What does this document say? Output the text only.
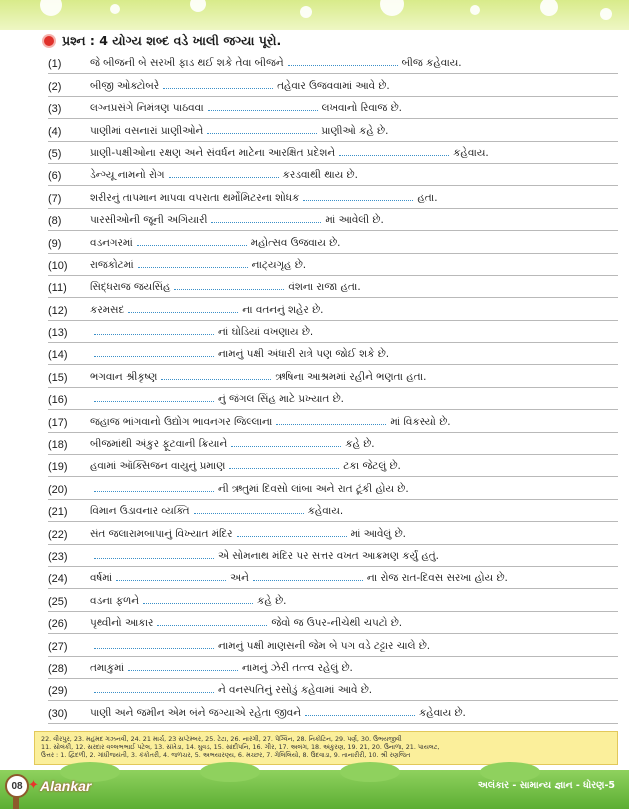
પ્રશ્ન : 4 યોગ્ય શબ્દ વડે ખાલી જગ્યા પૂરો.
(1)	જે બીજની બે સરખી ફાડ થઈ શકે તેવા બીજને	બીજ કહેવાય.
(2)	બીજી ઓક્ટોબરે	તહેવાર ઉજવવામાં આવે છે.
(3)	લગ્નપ્રસંગે નિમંત્રણ પાઠવવા	લખવાનો રિવાજ છે.
(4)	પાણીમાં વસનારાં પ્રાણીઓને	પ્રાણીઓ કહે છે.
(5)	પ્રાણી-પક્ષીઓના રક્ષણ અને સંવર્ધન માટેના આરક્ષિત પ્રદેશને	કહેવાય.
(6)	ડેન્ગ્યૂ નામનો રોગ	કરડવાથી થાય છે.
(7)	શરીરનું તાપમાન માપવા વપરાતા થર્મોમિટરના શોધક	હતા.
(8)	પારસીઓની જૂની અગિયારી	માં આવેલી છે.
(9)	વડનગરમાં	મહોત્સવ ઉજવાય છે.
(10)	રાજકોટમાં	નાટ્યગૃહ છે.
(11)	સિદ્ધરાજ જયસિંહ	વંશના રાજા હતા.
(12)	કરમસદ	ના વતનનું શહેર છે.
(13)	નાં ઘોડિયાં વખણાય છે.
(14)	નામનું પક્ષી અંધારી રાત્રે પણ જોઈ શકે છે.
(15)	ભગવાન શ્રીકૃષ્ણ	ઋષિના આશ્રમમાં રહીને ભણતા હતા.
(16)	નું જંગલ સિંહ માટે પ્રખ્યાત છે.
(17)	જહાજ ભાંગવાનો ઉદ્યોગ ભાવનગર જિલ્લાના	માં વિકસ્યો છે.
(18)	બીજમાંથી અંકુર ફૂટવાની ક્રિયાને	કહે છે.
(19)	હવામાં ઑક્સિજન વાયુનું પ્રમાણ	ટકા જેટલું છે.
(20)	ની ઋતુમાં દિવસો લાંબા અને રાત ટૂંકી હોય છે.
(21)	વિમાન ઉડાવનાર વ્યક્તિ	કહેવાય.
(22)	સંત જલારામબાપાનું વિખ્યાત મંદિર	માં આવેલું છે.
(23)	એ સોમનાથ મંદિર પર સત્તર વખત આક્રમણ કર્યું હતું.
(24)	વર્ષમાં	અને	ના રોજ રાત-દિવસ સરખા હોય છે.
(25)	વડના ફળને	કહે છે.
(26)	પૃથ્વીનો આકાર	જેવો જ ઉપર-નીચેથી ચપટો છે.
(27)	નામનું પક્ષી માણસની જેમ બે પગ વડે ટટ્ટાર ચાલે છે.
(28)	તમાકુમાં	નામનું ઝેરી તત્ત્વ રહેલું છે.
(29)	ને વનસ્પતિનું રસોડું કહેવામાં આવે છે.
(30)	પાણી અને જમીન એમ બંને જગ્યાએ રહેતા જીવને	કહેવાય છે.
22. વીરપુર, 23. મહંમદ ગઝનવી, 24. 21 માર્ચ, 23 સપ્ટેમ્બર, 25. ટેટા, 26. નારંગી, 27. પેંગ્વિન, 28. નિકોટિન, 29. પર્ણ, 30. ઉભયજીવી
11. સોલંકી, 12. સરદાર વલ્લભભાઈ પટેલ, 13. સંખેડા, 14. ઘુવડ, 15. સાંદીપનિ, 16. ગીર, 17. અલંગ, 18. અંકુરણ, 19. 21, 20. ઉનાળા, 21. પાયલટ,
ઉત્તર : 1. દ્વિદળી, 2. ગાંધીજયંતી, 3. કંકોતરી, 4. જળચર, 5. અભયારણ્ય, 6. મચ્છર, 7. ગેલિલિયો, 8. ઉદવાડા, 9. તાનારીરી, 10. શ્રી રણજિત
08 ✦ Alankar	અલંકાર - સામાન્ય જ્ઞાન - ધોરણ-5
